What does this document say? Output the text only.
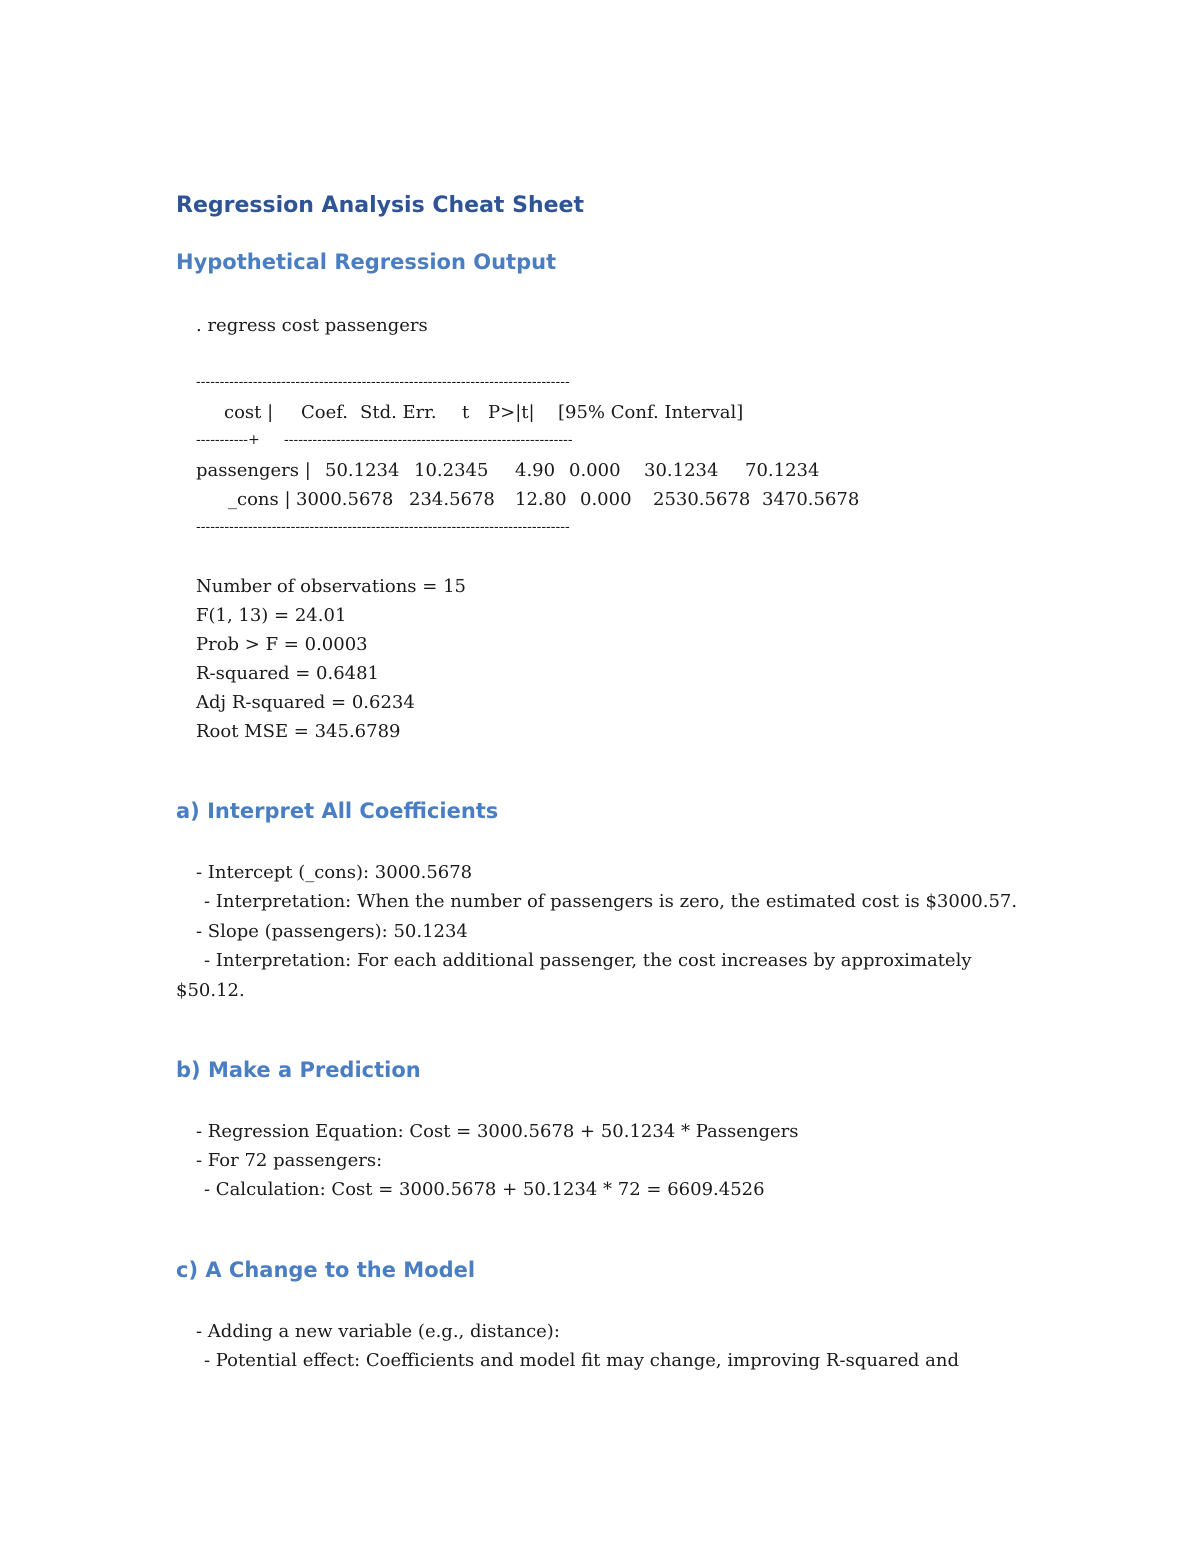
Regression Analysis Cheat Sheet
Hypothetical Regression Output
. regress cost passengers
-------------------------------------------------------------------------------
cost | Coef. Std. Err. t P>|t| [95% Conf. Interval]
-----------+	-------------------------------------------------------------
passengers | 50.1234 10.2345 4.90 0.000 30.1234 70.1234
_cons | 3000.5678 234.5678 12.80 0.000 2530.5678 3470.5678
-------------------------------------------------------------------------------
Number of observations = 15
F(1, 13) = 24.01
Prob > F = 0.0003
R-squared = 0.6481
Adj R-squared = 0.6234
Root MSE = 345.6789
a) Interpret All Coefficients
- Intercept (_cons): 3000.5678
- Interpretation: When the number of passengers is zero, the estimated cost is $3000.57.
- Slope (passengers): 50.1234
- Interpretation: For each additional passenger, the cost increases by approximately
$50.12.
b) Make a Prediction
- Regression Equation: Cost = 3000.5678 + 50.1234 * Passengers
- For 72 passengers:
- Calculation: Cost = 3000.5678 + 50.1234 * 72 = 6609.4526
c) A Change to the Model
- Adding a new variable (e.g., distance):
- Potential effect: Coefficients and model fit may change, improving R-squared and
